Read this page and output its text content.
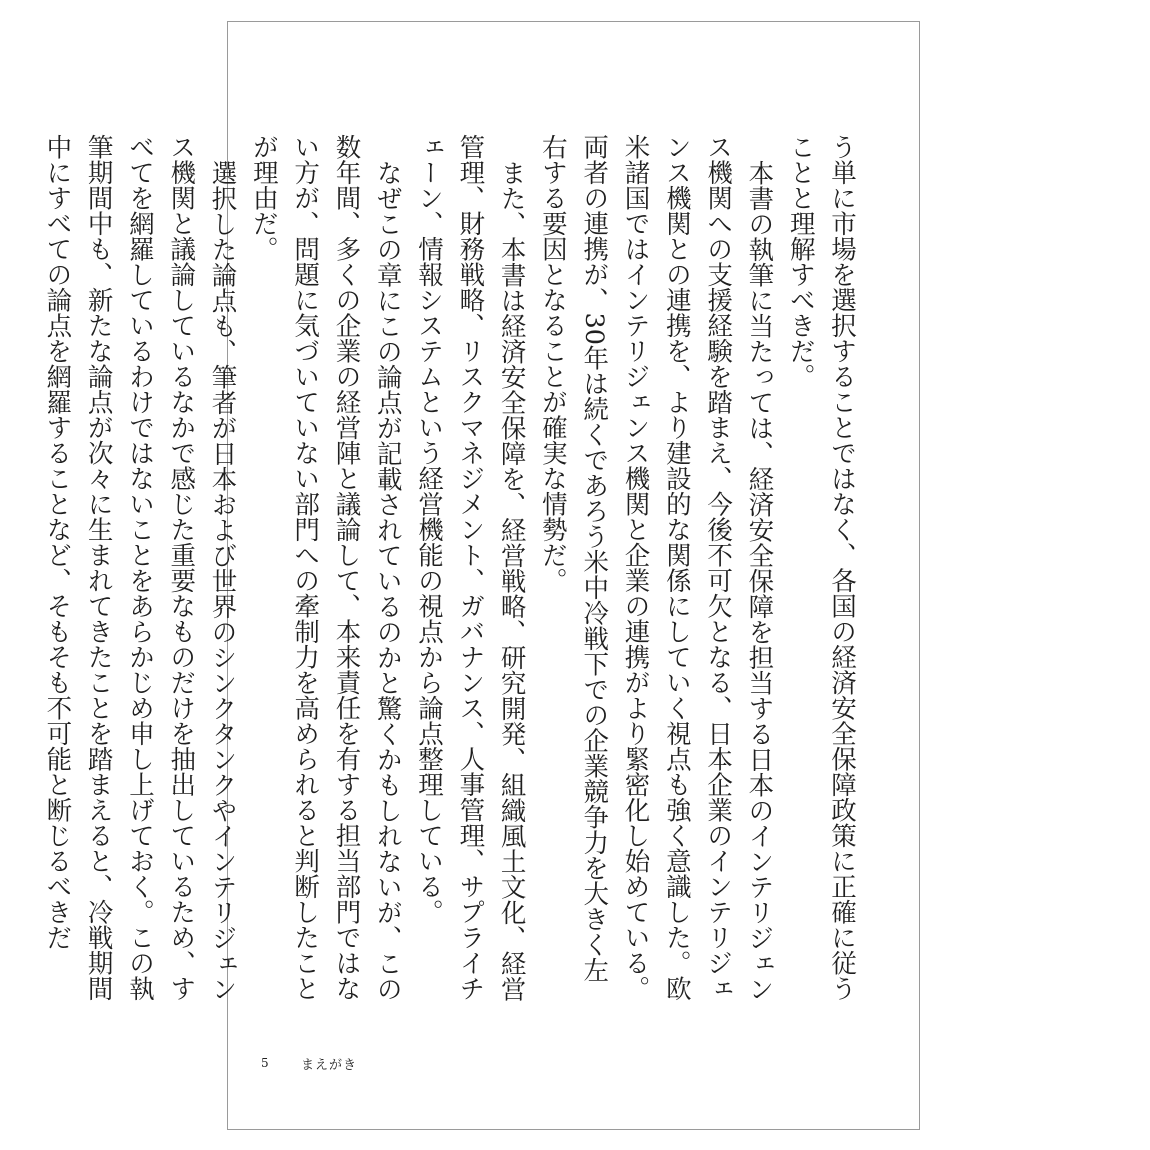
う単に市場を選択することではなく、各国の経済安全保障政策に正確に従うことと理解すべきだ。

本書の執筆に当たっては、経済安全保障を担当する日本のインテリジェンス機関への支援経験を踏まえ、今後不可欠となる、日本企業のインテリジェンス機関との連携を、より建設的な関係にしていく視点も強く意識した。欧米諸国ではインテリジェンス機関と企業の連携がより緊密化し始めている。両者の連携が、30年は続くであろう米中冷戦下での企業競争力を大きく左右する要因となることが確実な情勢だ。

また、本書は経済安全保障を、経営戦略、研究開発、組織風土文化、経営管理、財務戦略、リスクマネジメント、ガバナンス、人事管理、サプライチェーン、情報システムという経営機能の視点から論点整理している。

なぜこの章にこの論点が記載されているのかと驚くかもしれないが、この数年間、多くの企業の経営陣と議論して、本来責任を有する担当部門ではない方が、問題に気づいていない部門への牽制力を高められると判断したことが理由だ。

選択した論点も、筆者が日本および世界のシンクタンクやインテリジェンス機関と議論しているなかで感じた重要なものだけを抽出しているため、すべてを網羅しているわけではないことをあらかじめ申し上げておく。この執筆期間中も、新たな論点が次々に生まれてきたことを踏まえると、冷戦期間中にすべての論点を網羅することなど、そもそも不可能と断じるべきだ

5	まえがき
